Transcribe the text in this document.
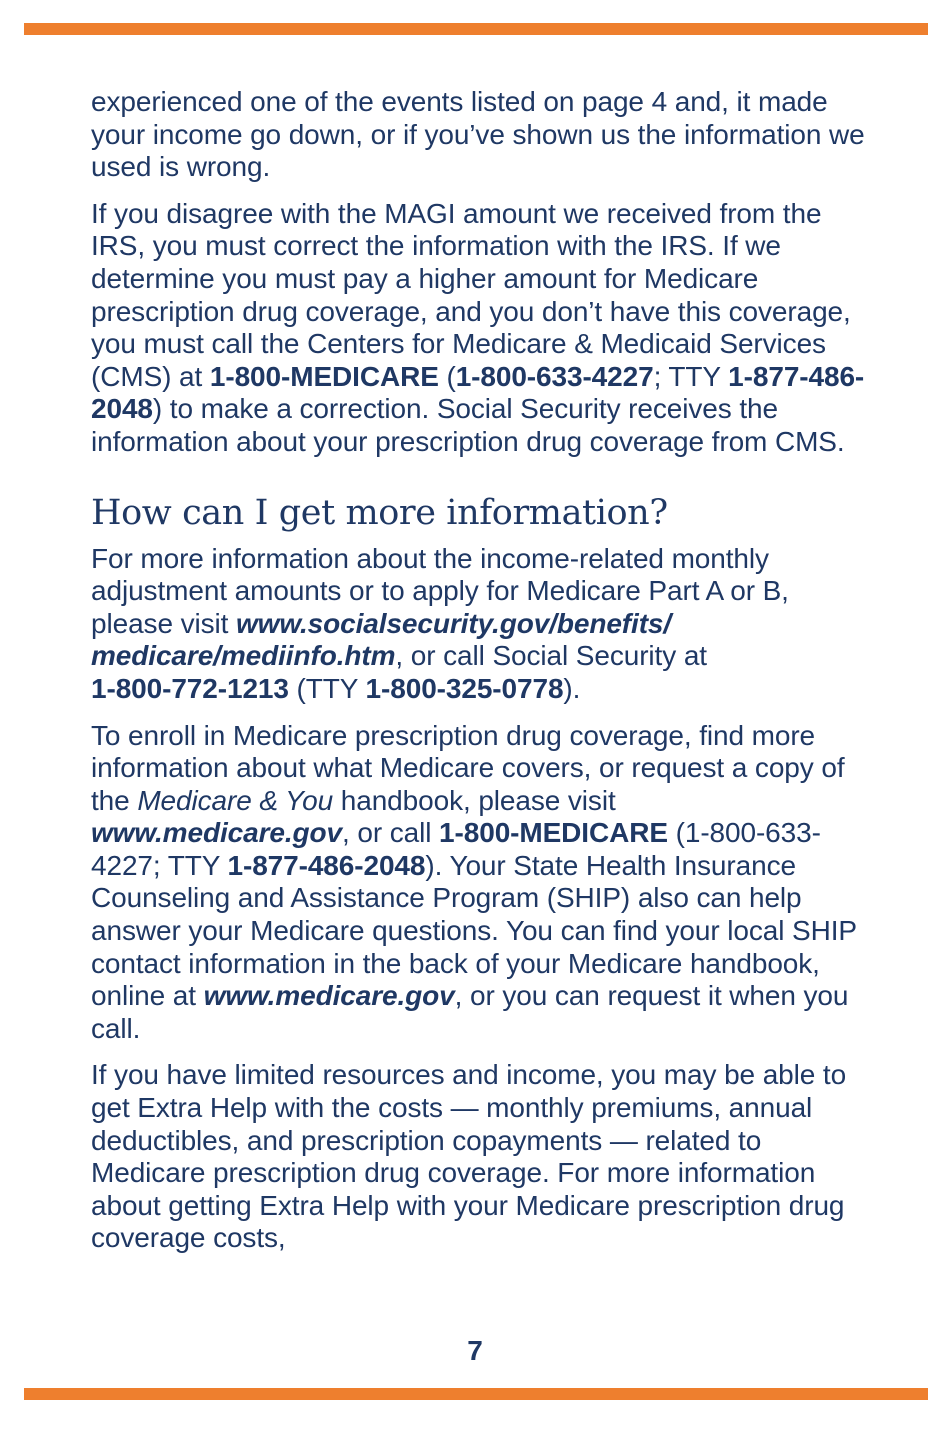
experienced one of the events listed on page 4 and, it made your income go down, or if you’ve shown us the information we used is wrong.

If you disagree with the MAGI amount we received from the IRS, you must correct the information with the IRS. If we determine you must pay a higher amount for Medicare prescription drug coverage, and you don’t have this coverage, you must call the Centers for Medicare & Medicaid Services (CMS) at 1-800-MEDICARE (1-800-633-4227; TTY 1-877-486-2048) to make a correction. Social Security receives the information about your prescription drug coverage from CMS.

How can I get more information?

For more information about the income-related monthly adjustment amounts or to apply for Medicare Part A or B, please visit www.socialsecurity.gov/benefits/
medicare/mediinfo.htm, or call Social Security at
1-800-772-1213 (TTY 1-800-325-0778).

To enroll in Medicare prescription drug coverage, find more information about what Medicare covers, or request a copy of the Medicare & You handbook, please visit www.medicare.gov, or call 1-800-MEDICARE (1-800-633-4227; TTY 1-877-486-2048). Your State Health Insurance Counseling and Assistance Program (SHIP) also can help answer your Medicare questions. You can find your local SHIP contact information in the back of your Medicare handbook, online at www.medicare.gov, or you can request it when you call.

If you have limited resources and income, you may be able to get Extra Help with the costs — monthly premiums, annual deductibles, and prescription copayments — related to Medicare prescription drug coverage. For more information about getting Extra Help with your Medicare prescription drug coverage costs,

7
